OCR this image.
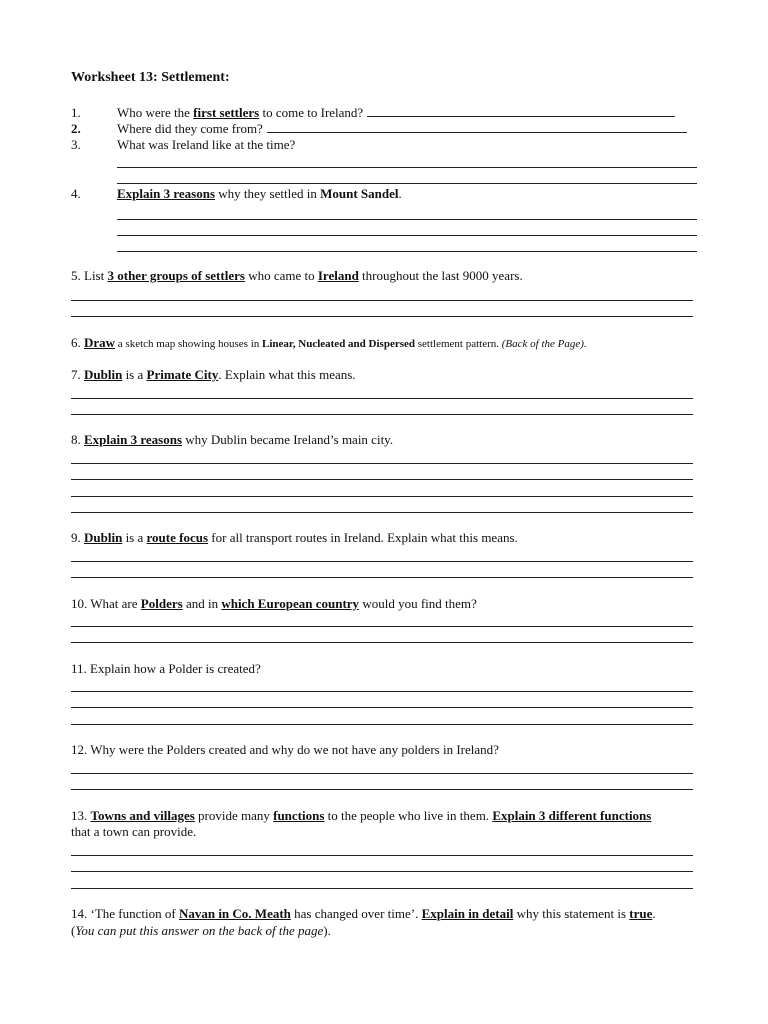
Worksheet 13: Settlement:
1.	Who were the first settlers to come to Ireland?
2.	Where did they come from?
3.	What was Ireland like at the time?
4.	Explain 3 reasons why they settled in Mount Sandel.
5. List 3 other groups of settlers who came to Ireland throughout the last 9000 years.
6. Draw a sketch map showing houses in Linear, Nucleated and Dispersed settlement pattern. (Back of the Page).
7. Dublin is a Primate City. Explain what this means.
8. Explain 3 reasons why Dublin became Ireland’s main city.
9. Dublin is a route focus for all transport routes in Ireland. Explain what this means.
10. What are Polders and in which European country would you find them?
11. Explain how a Polder is created?
12. Why were the Polders created and why do we not have any polders in Ireland?
13. Towns and villages provide many functions to the people who live in them. Explain 3 different functions
that a town can provide.
14. ‘The function of Navan in Co. Meath has changed over time’. Explain in detail why this statement is true.
(You can put this answer on the back of the page).
